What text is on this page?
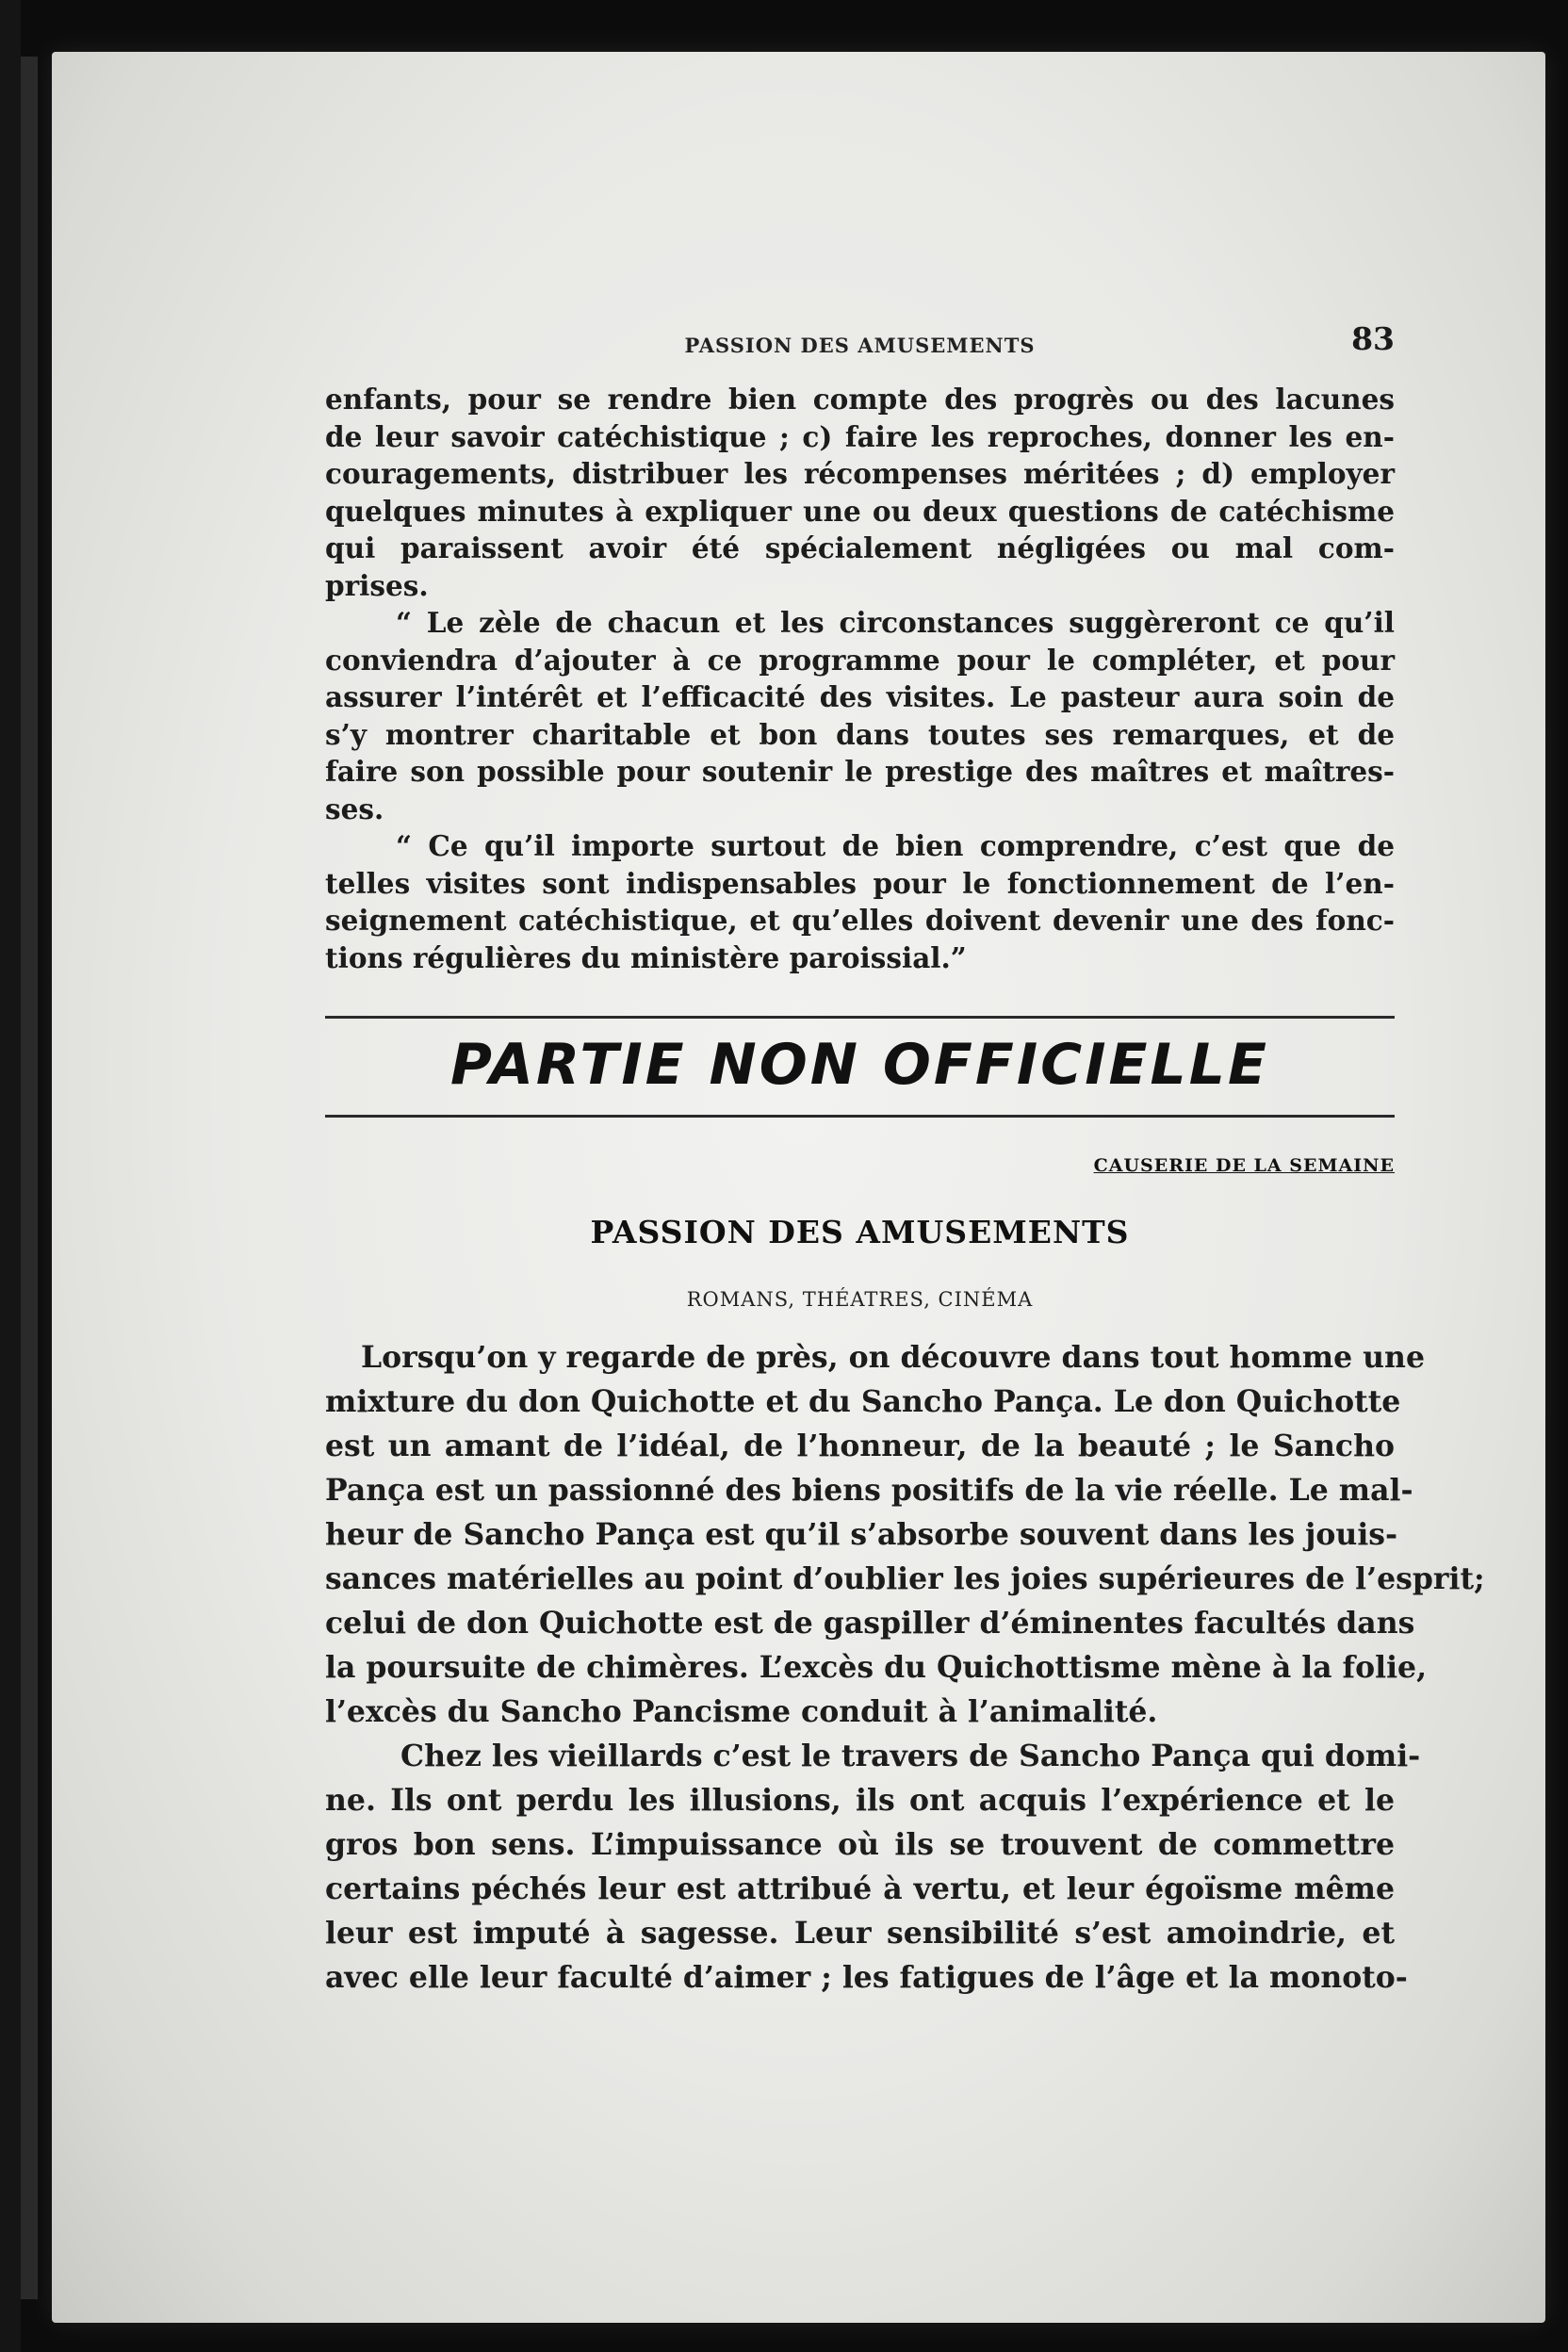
PASSION DES AMUSEMENTS	83

enfants, pour se rendre bien compte des progrès ou des lacunes
de leur savoir catéchistique ; c) faire les reproches, donner les en-
couragements, distribuer les récompenses méritées ; d) employer
quelques minutes à expliquer une ou deux questions de catéchisme
qui paraissent avoir été spécialement négligées ou mal com-
prises.

“ Le zèle de chacun et les circonstances suggèreront ce qu’il
conviendra d’ajouter à ce programme pour le compléter, et pour
assurer l’intérêt et l’efficacité des visites. Le pasteur aura soin de
s’y montrer charitable et bon dans toutes ses remarques, et de
faire son possible pour soutenir le prestige des maîtres et maîtres-
ses.

“ Ce qu’il importe surtout de bien comprendre, c’est que de
telles visites sont indispensables pour le fonctionnement de l’en-
seignement catéchistique, et qu’elles doivent devenir une des fonc-
tions régulières du ministère paroissial.”

PARTIE NON OFFICIELLE
CAUSERIE DE LA SEMAINE
PASSION DES AMUSEMENTS
ROMANS, THÉATRES, CINÉMA

Lorsqu’on y regarde de près, on découvre dans tout homme une
mixture du don Quichotte et du Sancho Pança. Le don Quichotte
est un amant de l’idéal, de l’honneur, de la beauté ; le Sancho
Pança est un passionné des biens positifs de la vie réelle. Le mal-
heur de Sancho Pança est qu’il s’absorbe souvent dans les jouis-
sances matérielles au point d’oublier les joies supérieures de l’esprit;
celui de don Quichotte est de gaspiller d’éminentes facultés dans
la poursuite de chimères. L’excès du Quichottisme mène à la folie,
l’excès du Sancho Pancisme conduit à l’animalité.

Chez les vieillards c’est le travers de Sancho Pança qui domi-
ne. Ils ont perdu les illusions, ils ont acquis l’expérience et le
gros bon sens. L’impuissance où ils se trouvent de commettre
certains péchés leur est attribué à vertu, et leur égoïsme même
leur est imputé à sagesse. Leur sensibilité s’est amoindrie, et
avec elle leur faculté d’aimer ; les fatigues de l’âge et la monoto-
